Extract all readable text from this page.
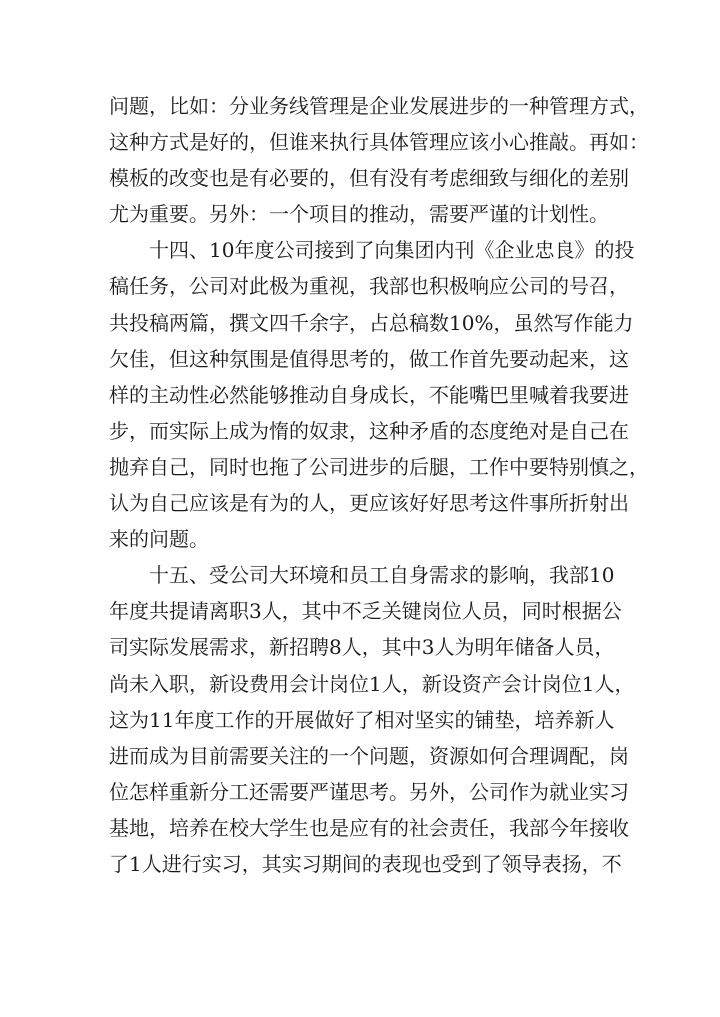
问题，比如：分业务线管理是企业发展进步的一种管理方式，
这种方式是好的，但谁来执行具体管理应该小心推敲。再如：
模板的改变也是有必要的，但有没有考虑细致与细化的差别
尤为重要。另外：一个项目的推动，需要严谨的计划性。
十四、10年度公司接到了向集团内刊《企业忠良》的投
稿任务，公司对此极为重视，我部也积极响应公司的号召，
共投稿两篇，撰文四千余字，占总稿数10%，虽然写作能力
欠佳，但这种氛围是值得思考的，做工作首先要动起来，这
样的主动性必然能够推动自身成长，不能嘴巴里喊着我要进
步，而实际上成为惰的奴隶，这种矛盾的态度绝对是自己在
抛弃自己，同时也拖了公司进步的后腿，工作中要特别慎之，
认为自己应该是有为的人，更应该好好思考这件事所折射出
来的问题。
十五、受公司大环境和员工自身需求的影响，我部10
年度共提请离职3人，其中不乏关键岗位人员，同时根据公
司实际发展需求，新招聘8人，其中3人为明年储备人员，
尚未入职，新设费用会计岗位1人，新设资产会计岗位1人，
这为11年度工作的开展做好了相对坚实的铺垫，培养新人
进而成为目前需要关注的一个问题，资源如何合理调配，岗
位怎样重新分工还需要严谨思考。另外，公司作为就业实习
基地，培养在校大学生也是应有的社会责任，我部今年接收
了1人进行实习，其实习期间的表现也受到了领导表扬，不
